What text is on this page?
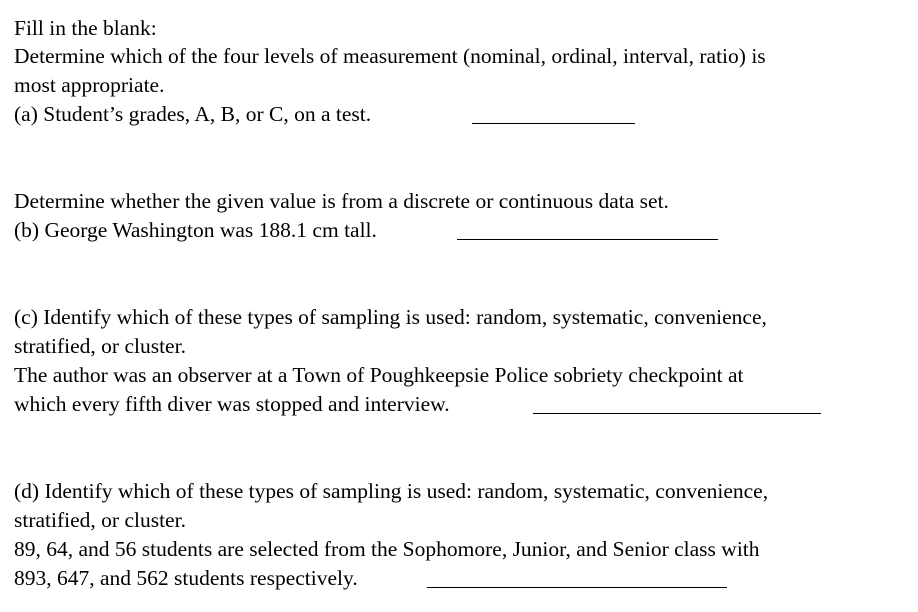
Fill in the blank:
Determine which of the four levels of measurement (nominal, ordinal, interval, ratio) is
most appropriate.
(a) Student’s grades, A, B, or C, on a test.
Determine whether the given value is from a discrete or continuous data set.
(b) George Washington was 188.1 cm tall.
(c) Identify which of these types of sampling is used: random, systematic, convenience,
stratified, or cluster.
The author was an observer at a Town of Poughkeepsie Police sobriety checkpoint at
which every fifth diver was stopped and interview.
(d) Identify which of these types of sampling is used: random, systematic, convenience,
stratified, or cluster.
89, 64, and 56 students are selected from the Sophomore, Junior, and Senior class with
893, 647, and 562 students respectively.
